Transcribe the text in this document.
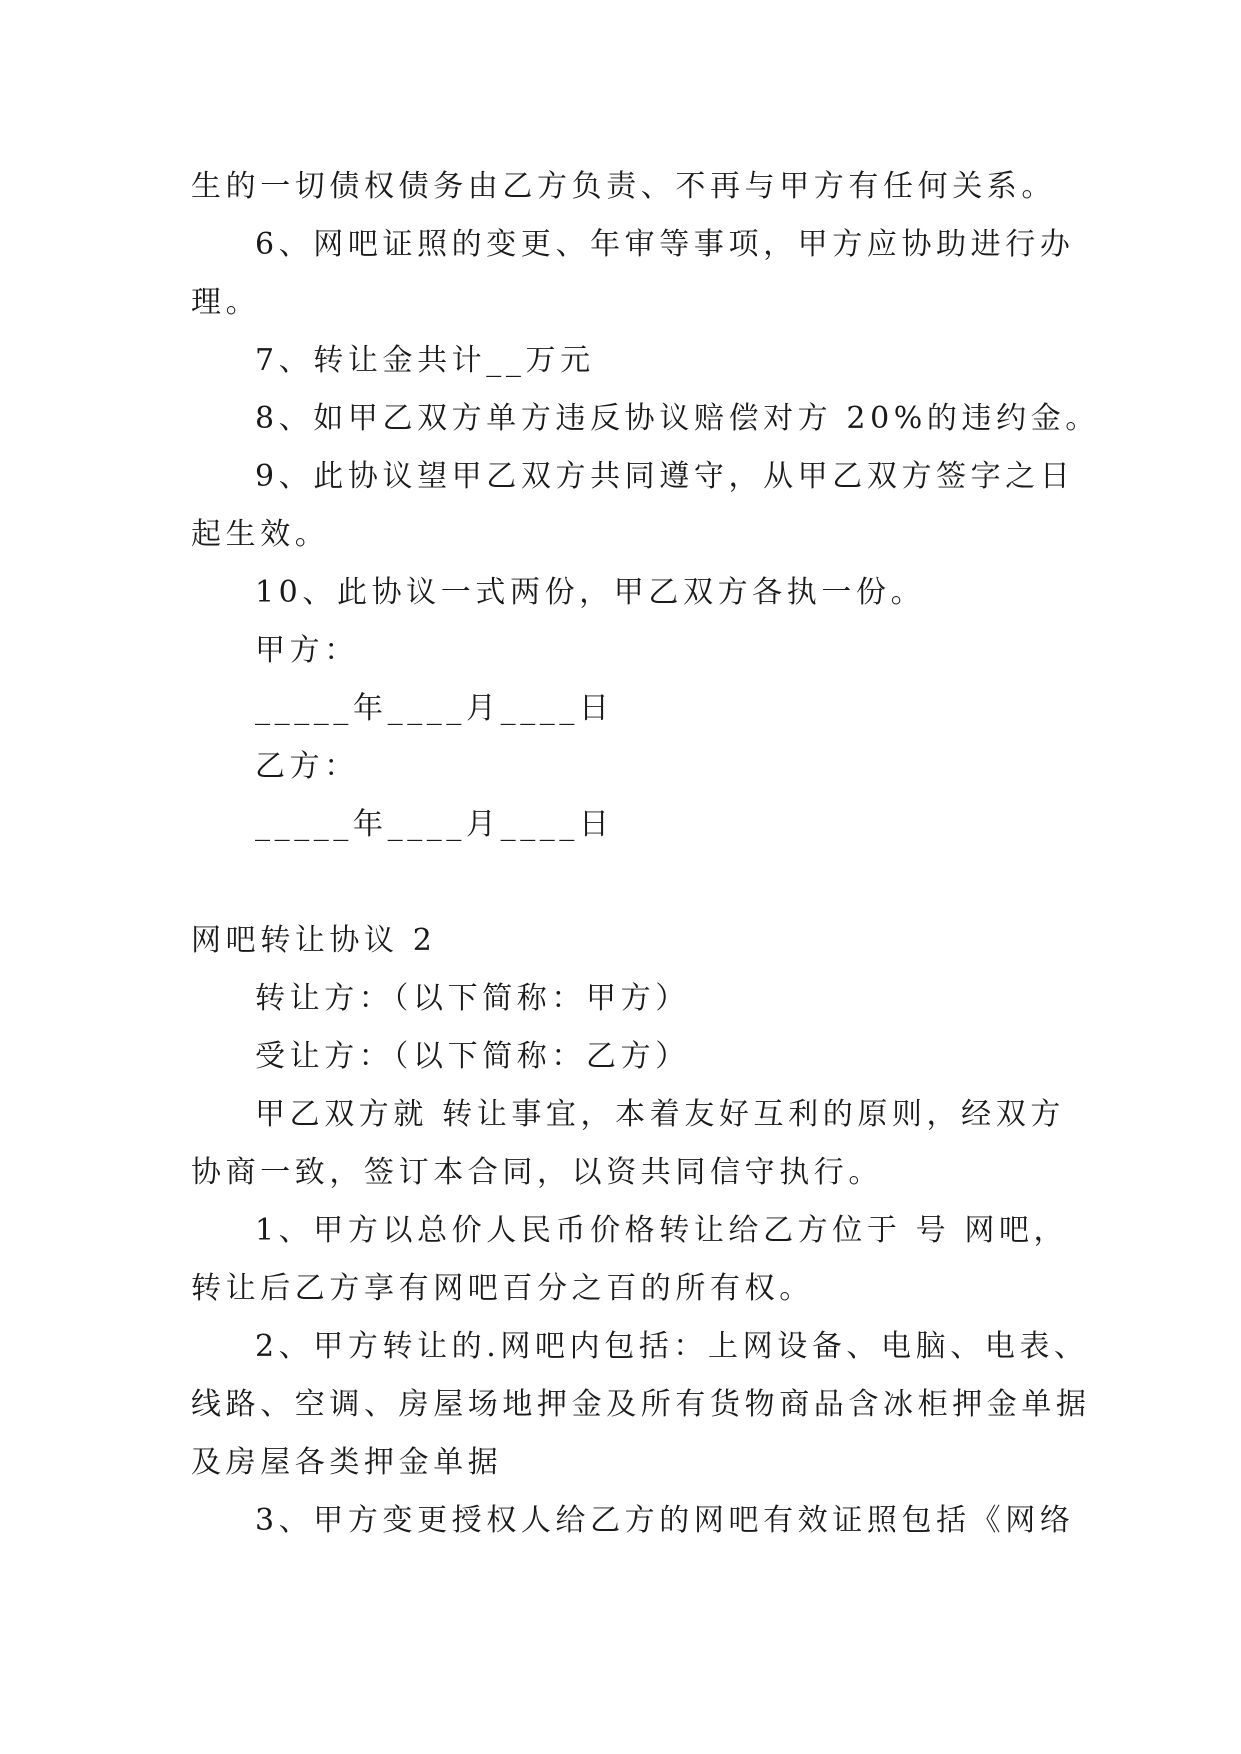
生的一切债权债务由乙方负责、不再与甲方有任何关系。
6、网吧证照的变更、年审等事项，甲方应协助进行办
理。
7、转让金共计__万元
8、如甲乙双方单方违反协议赔偿对方 20%的违约金。
9、此协议望甲乙双方共同遵守，从甲乙双方签字之日
起生效。
10、此协议一式两份，甲乙双方各执一份。
甲方：
_____年____月____日
乙方：
_____年____月____日
网吧转让协议 2
转让方：（以下简称：甲方）
受让方：（以下简称：乙方）
甲乙双方就 转让事宜，本着友好互利的原则，经双方
协商一致，签订本合同，以资共同信守执行。
1、甲方以总价人民币价格转让给乙方位于 号 网吧，
转让后乙方享有网吧百分之百的所有权。
2、甲方转让的.网吧内包括：上网设备、电脑、电表、
线路、空调、房屋场地押金及所有货物商品含冰柜押金单据
及房屋各类押金单据
3、甲方变更授权人给乙方的网吧有效证照包括《网络
